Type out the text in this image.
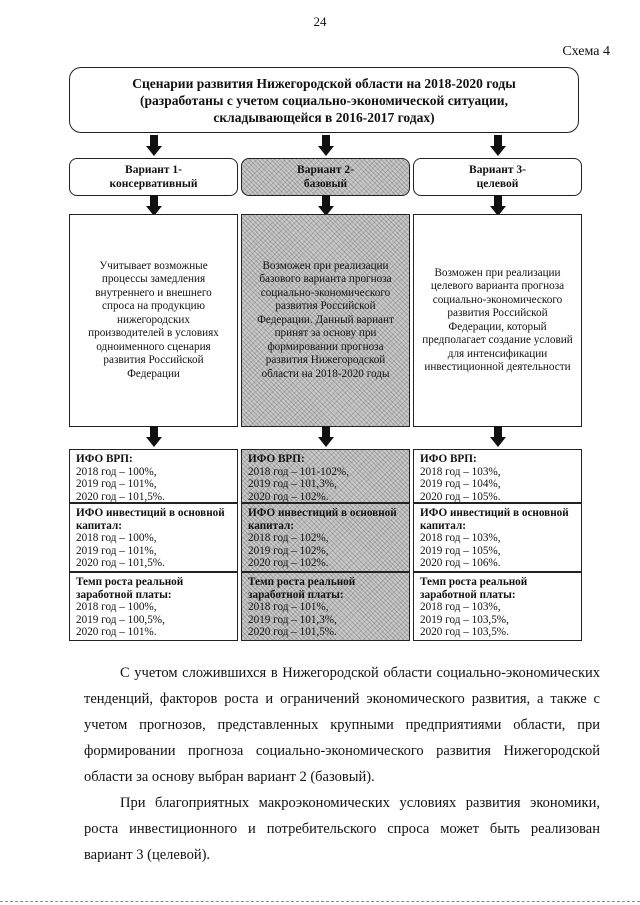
24
Схема 4
Сценарии развития Нижегородской области на 2018-2020 годы
(разработаны с учетом социально-экономической ситуации,
складывающейся в 2016-2017 годах)
Вариант 1-
консервативный
Вариант 2-
базовый
Вариант 3-
целевой
Учитывает возможные процессы замедления внутреннего и внешнего спроса на продукцию нижегородских производителей в условиях одноименного сценария развития Российской Федерации
Возможен при реализации базового варианта прогноза социально-экономического развития Российской Федерации. Данный вариант принят за основу при формировании прогноза развития Нижегородской области на 2018-2020 годы
Возможен при реализации целевого варианта прогноза социально-экономического развития Российской Федерации, который предполагает создание условий для интенсификации инвестиционной деятельности
ИФО ВРП:
2018 год – 100%,
2019 год – 101%,
2020 год – 101,5%.
ИФО инвестиций в основной капитал:
2018 год – 100%,
2019 год – 101%,
2020 год – 101,5%.
Темп роста реальной заработной платы:
2018 год – 100%,
2019 год – 100,5%,
2020 год – 101%.
ИФО ВРП:
2018 год – 101-102%,
2019 год – 101,3%,
2020 год – 102%.
ИФО инвестиций в основной капитал:
2018 год – 102%,
2019 год – 102%,
2020 год – 102%.
Темп роста реальной заработной платы:
2018 год – 101%,
2019 год – 101,3%,
2020 год – 101,5%.
ИФО ВРП:
2018 год – 103%,
2019 год – 104%,
2020 год – 105%.
ИФО инвестиций в основной капитал:
2018 год – 103%,
2019 год – 105%,
2020 год – 106%.
Темп роста реальной заработной платы:
2018 год – 103%,
2019 год – 103,5%,
2020 год – 103,5%.
С учетом сложившихся в Нижегородской области социально-экономических тенденций, факторов роста и ограничений экономического развития, а также с учетом прогнозов, представленных крупными предприятиями области, при формировании прогноза социально-экономического развития Нижегородской области за основу выбран вариант 2 (базовый).
При благоприятных макроэкономических условиях развития экономики, роста инвестиционного и потребительского спроса может быть реализован вариант 3 (целевой).
